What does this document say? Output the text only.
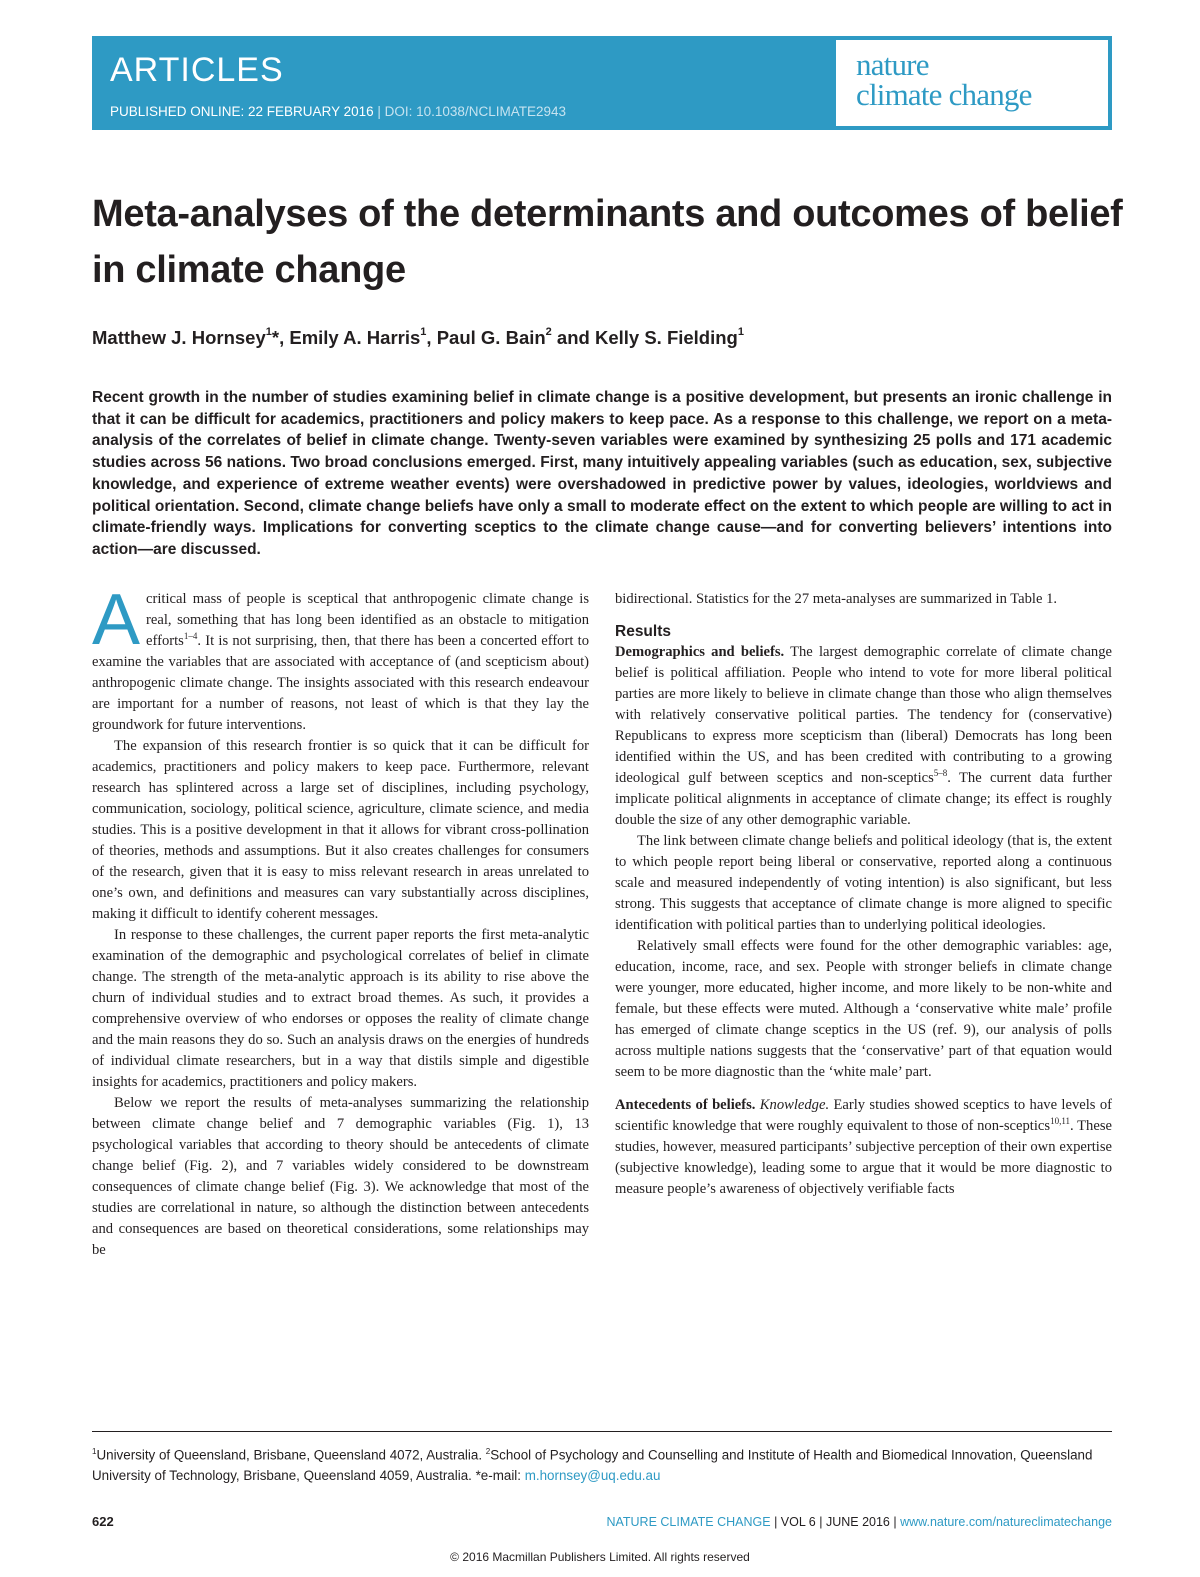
ARTICLES
PUBLISHED ONLINE: 22 FEBRUARY 2016 | DOI: 10.1038/NCLIMATE2943
nature
climate change
Meta-analyses of the determinants and outcomes of belief in climate change
Matthew J. Hornsey$^1$*, Emily A. Harris$^1$, Paul G. Bain$^2$ and Kelly S. Fielding$^1$

Recent growth in the number of studies examining belief in climate change is a positive development, but presents an ironic challenge in that it can be difficult for academics, practitioners and policy makers to keep pace. As a response to this challenge, we report on a meta-analysis of the correlates of belief in climate change. Twenty-seven variables were examined by synthesizing 25 polls and 171 academic studies across 56 nations. Two broad conclusions emerged. First, many intuitively appealing variables (such as education, sex, subjective knowledge, and experience of extreme weather events) were overshadowed in predictive power by values, ideologies, worldviews and political orientation. Second, climate change beliefs have only a small to moderate effect on the extent to which people are willing to act in climate-friendly ways. Implications for converting sceptics to the climate change cause—and for converting believers’ intentions into action—are discussed.

A critical mass of people is sceptical that anthropogenic climate change is real, something that has long been identified as an obstacle to mitigation efforts$^{1-4}$. It is not surprising, then, that there has been a concerted effort to examine the variables that are associated with acceptance of (and scepticism about) anthropogenic climate change. The insights associated with this research endeavour are important for a number of reasons, not least of which is that they lay the groundwork for future interventions.

The expansion of this research frontier is so quick that it can be difficult for academics, practitioners and policy makers to keep pace. Furthermore, relevant research has splintered across a large set of disciplines, including psychology, communication, sociology, political science, agriculture, climate science, and media studies. This is a positive development in that it allows for vibrant cross-pollination of theories, methods and assumptions. But it also creates challenges for consumers of the research, given that it is easy to miss relevant research in areas unrelated to one’s own, and definitions and measures can vary substantially across disciplines, making it difficult to identify coherent messages.

In response to these challenges, the current paper reports the first meta-analytic examination of the demographic and psychological correlates of belief in climate change. The strength of the meta-analytic approach is its ability to rise above the churn of individual studies and to extract broad themes. As such, it provides a comprehensive overview of who endorses or opposes the reality of climate change and the main reasons they do so. Such an analysis draws on the energies of hundreds of individual climate researchers, but in a way that distils simple and digestible insights for academics, practitioners and policy makers.

Below we report the results of meta-analyses summarizing the relationship between climate change belief and 7 demographic variables (Fig. 1), 13 psychological variables that according to theory should be antecedents of climate change belief (Fig. 2), and 7 variables widely considered to be downstream consequences of climate change belief (Fig. 3). We acknowledge that most of the studies are correlational in nature, so although the distinction between antecedents and consequences are based on theoretical considerations, some relationships may be

bidirectional. Statistics for the 27 meta-analyses are summarized in Table 1.

Results

Demographics and beliefs. The largest demographic correlate of climate change belief is political affiliation. People who intend to vote for more liberal political parties are more likely to believe in climate change than those who align themselves with relatively conservative political parties. The tendency for (conservative) Republicans to express more scepticism than (liberal) Democrats has long been identified within the US, and has been credited with contributing to a growing ideological gulf between sceptics and non-sceptics$^{5-8}$. The current data further implicate political alignments in acceptance of climate change; its effect is roughly double the size of any other demographic variable.

The link between climate change beliefs and political ideology (that is, the extent to which people report being liberal or conservative, reported along a continuous scale and measured independently of voting intention) is also significant, but less strong. This suggests that acceptance of climate change is more aligned to specific identification with political parties than to underlying political ideologies.

Relatively small effects were found for the other demographic variables: age, education, income, race, and sex. People with stronger beliefs in climate change were younger, more educated, higher income, and more likely to be non-white and female, but these effects were muted. Although a ‘conservative white male’ profile has emerged of climate change sceptics in the US (ref. 9), our analysis of polls across multiple nations suggests that the ‘conservative’ part of that equation would seem to be more diagnostic than the ‘white male’ part.

Antecedents of beliefs. Knowledge. Early studies showed sceptics to have levels of scientific knowledge that were roughly equivalent to those of non-sceptics$^{10,11}$. These studies, however, measured participants’ subjective perception of their own expertise (subjective knowledge), leading some to argue that it would be more diagnostic to measure people’s awareness of objectively verifiable facts

$^1$University of Queensland, Brisbane, Queensland 4072, Australia. $^2$School of Psychology and Counselling and Institute of Health and Biomedical Innovation, Queensland University of Technology, Brisbane, Queensland 4059, Australia. *e-mail: m.hornsey@uq.edu.au
622	NATURE CLIMATE CHANGE | VOL 6 | JUNE 2016 | www.nature.com/natureclimatechange
© 2016 Macmillan Publishers Limited. All rights reserved
